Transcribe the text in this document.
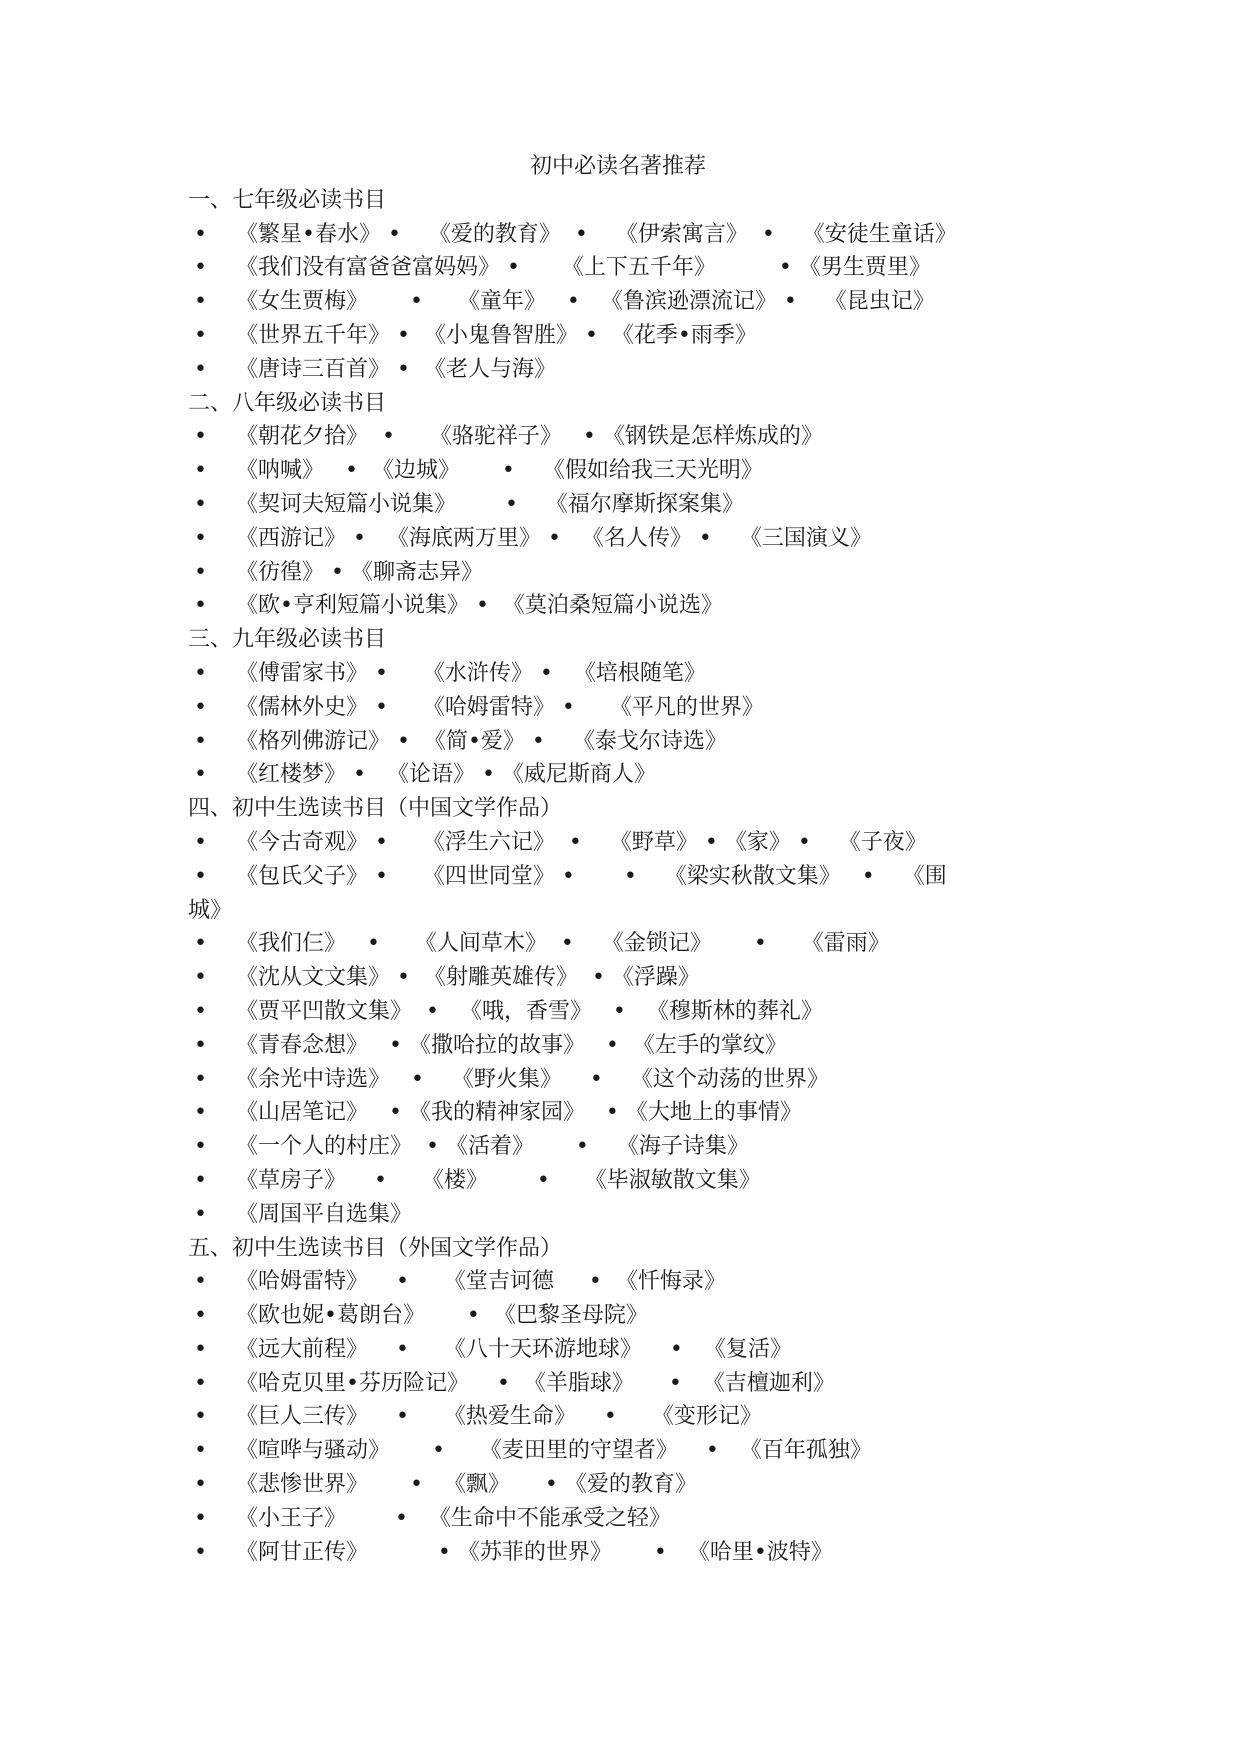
初中必读名著推荐
一、七年级必读书目
• 《繁星•春水》 •    《爱的教育》  •    《伊索寓言》  •    《安徒生童话》
• 《我们没有富爸爸富妈妈》 •      《上下五千年》         • 《男生贾里》
• 《女生贾梅》      •     《童年》   •   《鲁滨逊漂流记》 •    《昆虫记》
• 《世界五千年》 •  《小鬼鲁智胜》 •  《花季•雨季》
• 《唐诗三百首》 •  《老人与海》
二、八年级必读书目
• 《朝花夕拾》  •     《骆驼祥子》   • 《钢铁是怎样炼成的》
• 《呐喊》   •  《边城》      •    《假如给我三天光明》
• 《契诃夫短篇小说集》       •    《福尔摩斯探案集》
• 《西游记》 •   《海底两万里》 •   《名人传》 •    《三国演义》
• 《彷徨》 • 《聊斋志异》
• 《欧•亨利短篇小说集》 •  《莫泊桑短篇小说选》
三、九年级必读书目
• 《傅雷家书》 •     《水浒传》 •   《培根随笔》
• 《儒林外史》 •     《哈姆雷特》 •     《平凡的世界》
• 《格列佛游记》 •  《简•爱》 •    《泰戈尔诗选》
• 《红楼梦》 •   《论语》 • 《威尼斯商人》
四、初中生选读书目（中国文学作品）
• 《今古奇观》 •     《浮生六记》  •    《野草》 • 《家》 •    《子夜》
• 《包氏父子》 •     《四世同堂》 •       •    《梁实秋散文集》   •    《围
城》
• 《我们仨》   •     《人间草木》  •    《金锁记》      •     《雷雨》
• 《沈从文文集》 •  《射雕英雄传》  • 《浮躁》
• 《贾平凹散文集》  •   《哦，香雪》   •   《穆斯林的葬礼》
• 《青春念想》   • 《撒哈拉的故事》   •  《左手的掌纹》
• 《余光中诗选》   •    《野火集》    •    《这个动荡的世界》
• 《山居笔记》   • 《我的精神家园》   • 《大地上的事情》
• 《一个人的村庄》  • 《活着》      •    《海子诗集》
• 《草房子》    •     《楼》       •     《毕淑敏散文集》
• 《周国平自选集》
五、初中生选读书目（外国文学作品）
• 《哈姆雷特》    •     《堂吉诃德     •  《忏悔录》
• 《欧也妮•葛朗台》      •  《巴黎圣母院》
• 《远大前程》    •     《八十天环游地球》    •   《复活》
• 《哈克贝里•芬历险记》    •  《羊脂球》     •   《吉檀迦利》
• 《巨人三传》    •     《热爱生命》    •     《变形记》
• 《喧哗与骚动》      •     《麦田里的守望者》    •   《百年孤独》
• 《悲惨世界》      •   《飘》     • 《爱的教育》
• 《小王子》       •   《生命中不能承受之轻》
• 《阿甘正传》          • 《苏菲的世界》      •   《哈里•波特》
